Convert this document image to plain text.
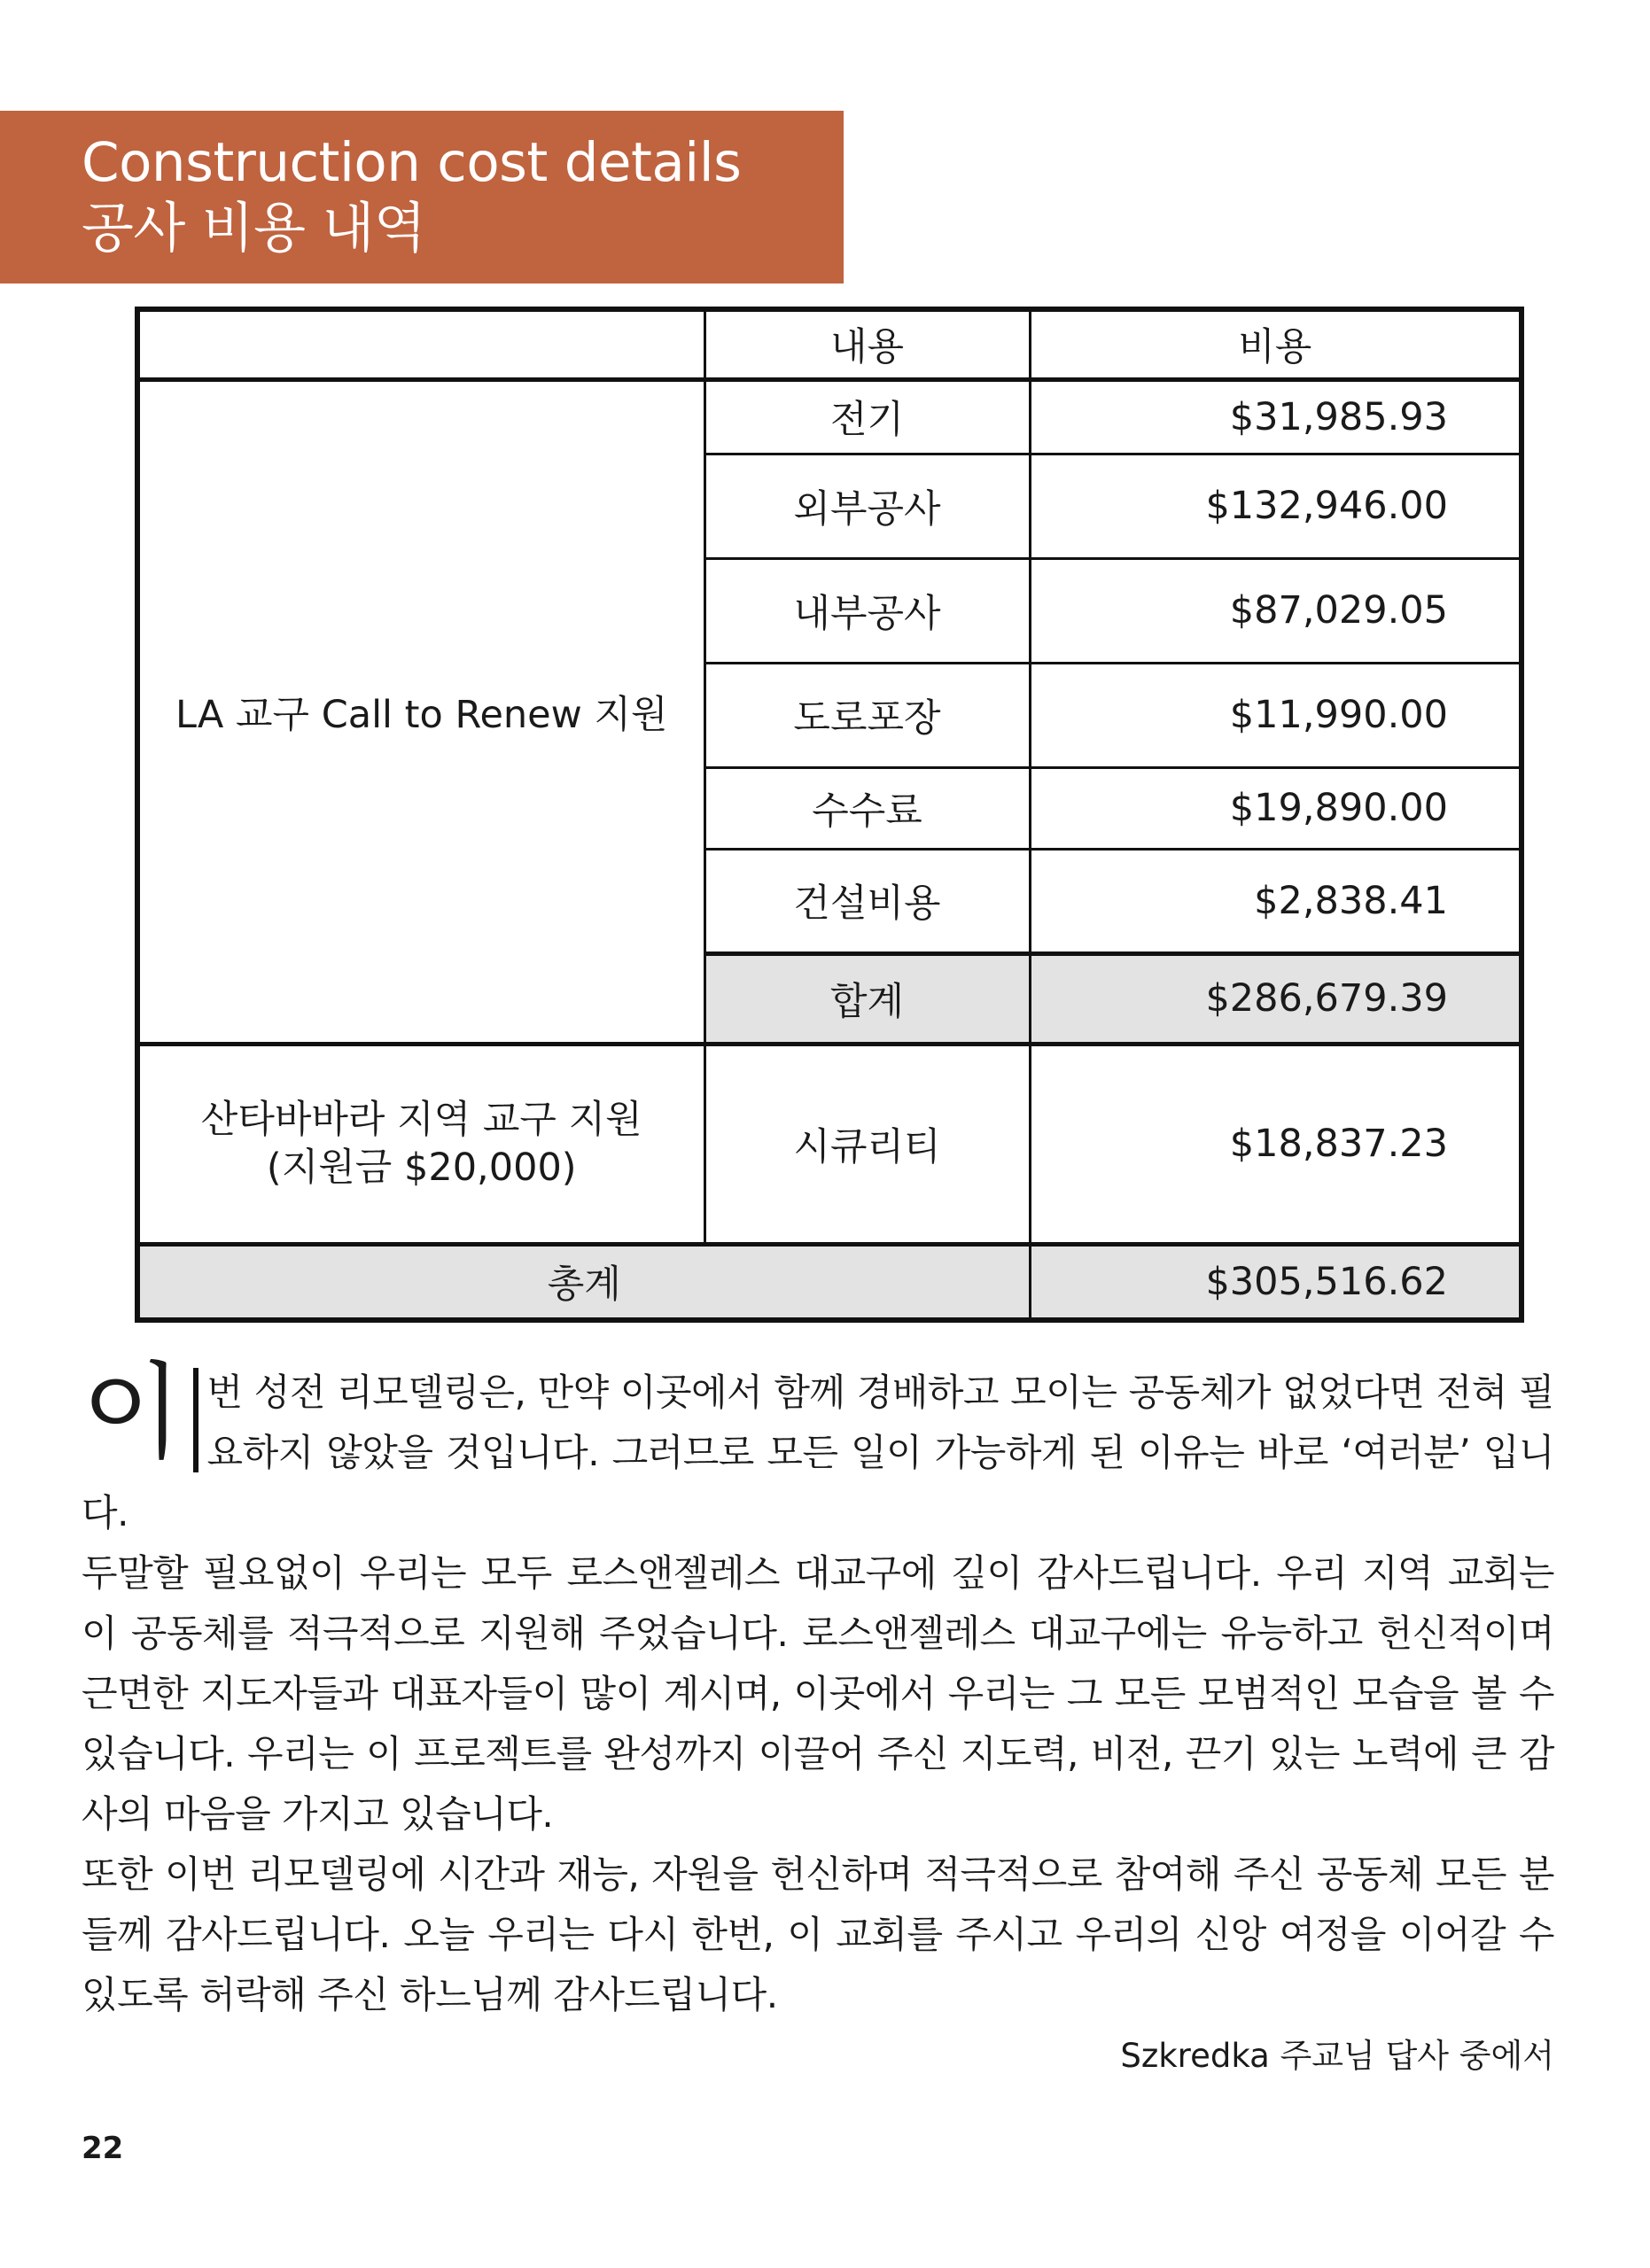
Construction cost details
공사 비용 내역
	내용	비용
LA 교구 Call to Renew 지원	전기	$31,985.93
	외부공사	$132,946.00
	내부공사	$87,029.05
	도로포장	$11,990.00
	수수료	$19,890.00
	건설비용	$2,838.41
	합계	$286,679.39

산타바바라 지역 교구 지원
(지원금 $20,000)	시큐리티	$18,837.23
총계		$305,516.62

이 번 성전 리모델링은, 만약 이곳에서 함께 경배하고 모이는 공동체가 없었다면 전혀 필요하지 않았을 것입니다. 그러므로 모든 일이 가능하게 된 이유는 바로 ‘여러분’ 입니다.

두말할 필요없이 우리는 모두 로스앤젤레스 대교구에 깊이 감사드립니다. 우리 지역 교회는 이 공동체를 적극적으로 지원해 주었습니다. 로스앤젤레스 대교구에는 유능하고 헌신적이며 근면한 지도자들과 대표자들이 많이 계시며, 이곳에서 우리는 그 모든 모범적인 모습을 볼 수 있습니다. 우리는 이 프로젝트를 완성까지 이끌어 주신 지도력, 비전, 끈기 있는 노력에 큰 감사의 마음을 가지고 있습니다.

또한 이번 리모델링에 시간과 재능, 자원을 헌신하며 적극적으로 참여해 주신 공동체 모든 분들께 감사드립니다. 오늘 우리는 다시 한번, 이 교회를 주시고 우리의 신앙 여정을 이어갈 수 있도록 허락해 주신 하느님께 감사드립니다.

Szkredka 주교님 답사 중에서
22
